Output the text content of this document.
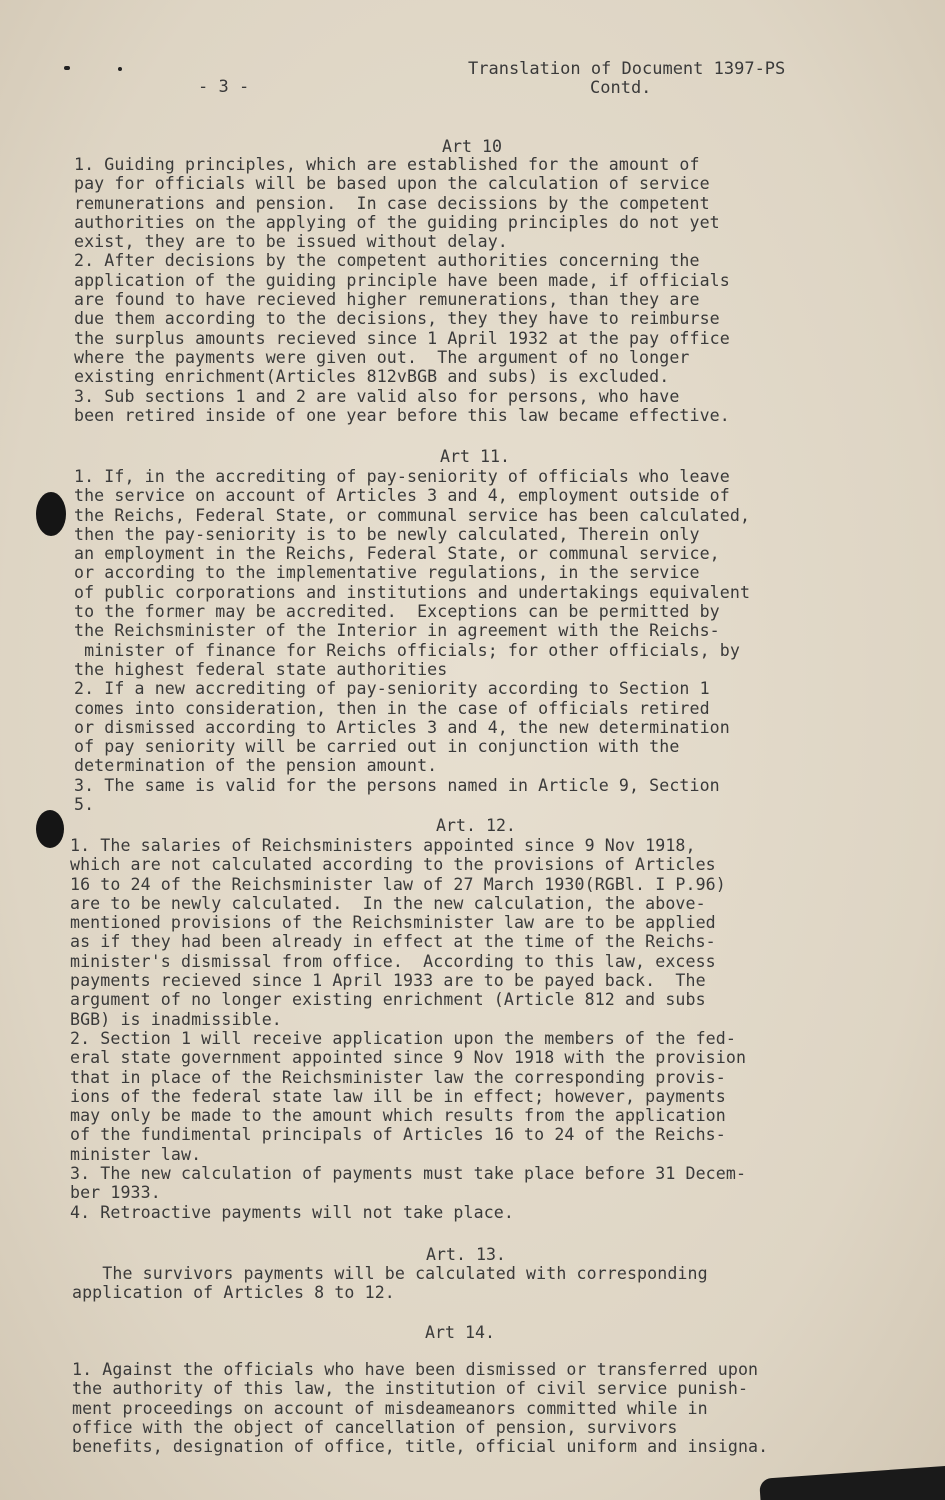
- 3 -
Translation of Document 1397-PS
Contd.
Art 10
1. Guiding principles, which are established for the amount of
pay for officials will be based upon the calculation of service
remunerations and pension.  In case decissions by the competent
authorities on the applying of the guiding principles do not yet
exist, they are to be issued without delay.
2. After decisions by the competent authorities concerning the
application of the guiding principle have been made, if officials
are found to have recieved higher remunerations, than they are
due them according to the decisions, they they have to reimburse
the surplus amounts recieved since 1 April 1932 at the pay office
where the payments were given out.  The argument of no longer
existing enrichment(Articles 812vBGB and subs) is excluded.
3. Sub sections 1 and 2 are valid also for persons, who have
been retired inside of one year before this law became effective.
Art 11.
1. If, in the accrediting of pay-seniority of officials who leave
the service on account of Articles 3 and 4, employment outside of
the Reichs, Federal State, or communal service has been calculated,
then the pay-seniority is to be newly calculated, Therein only
an employment in the Reichs, Federal State, or communal service,
or according to the implementative regulations, in the service
of public corporations and institutions and undertakings equivalent
to the former may be accredited.  Exceptions can be permitted by
the Reichsminister of the Interior in agreement with the Reichs-
minister of finance for Reichs officials; for other officials, by
the highest federal state authorities
2. If a new accrediting of pay-seniority according to Section 1
comes into consideration, then in the case of officials retired
or dismissed according to Articles 3 and 4, the new determination
of pay seniority will be carried out in conjunction with the
determination of the pension amount.
3. The same is valid for the persons named in Article 9, Section
5.
Art. 12.
1. The salaries of Reichsministers appointed since 9 Nov 1918,
which are not calculated according to the provisions of Articles
16 to 24 of the Reichsminister law of 27 March 1930(RGBl. I P.96)
are to be newly calculated.  In the new calculation, the above-
mentioned provisions of the Reichsminister law are to be applied
as if they had been already in effect at the time of the Reichs-
minister's dismissal from office.  According to this law, excess
payments recieved since 1 April 1933 are to be payed back.  The
argument of no longer existing enrichment (Article 812 and subs
BGB) is inadmissible.
2. Section 1 will receive application upon the members of the fed-
eral state government appointed since 9 Nov 1918 with the provision
that in place of the Reichsminister law the corresponding provis-
ions of the federal state law ill be in effect; however, payments
may only be made to the amount which results from the application
of the fundimental principals of Articles 16 to 24 of the Reichs-
minister law.
3. The new calculation of payments must take place before 31 Decem-
ber 1933.
4. Retroactive payments will not take place.
Art. 13.
The survivors payments will be calculated with corresponding
application of Articles 8 to 12.
Art 14.
1. Against the officials who have been dismissed or transferred upon
the authority of this law, the institution of civil service punish-
ment proceedings on account of misdeameanors committed while in
office with the object of cancellation of pension, survivors
benefits, designation of office, title, official uniform and insigna.
